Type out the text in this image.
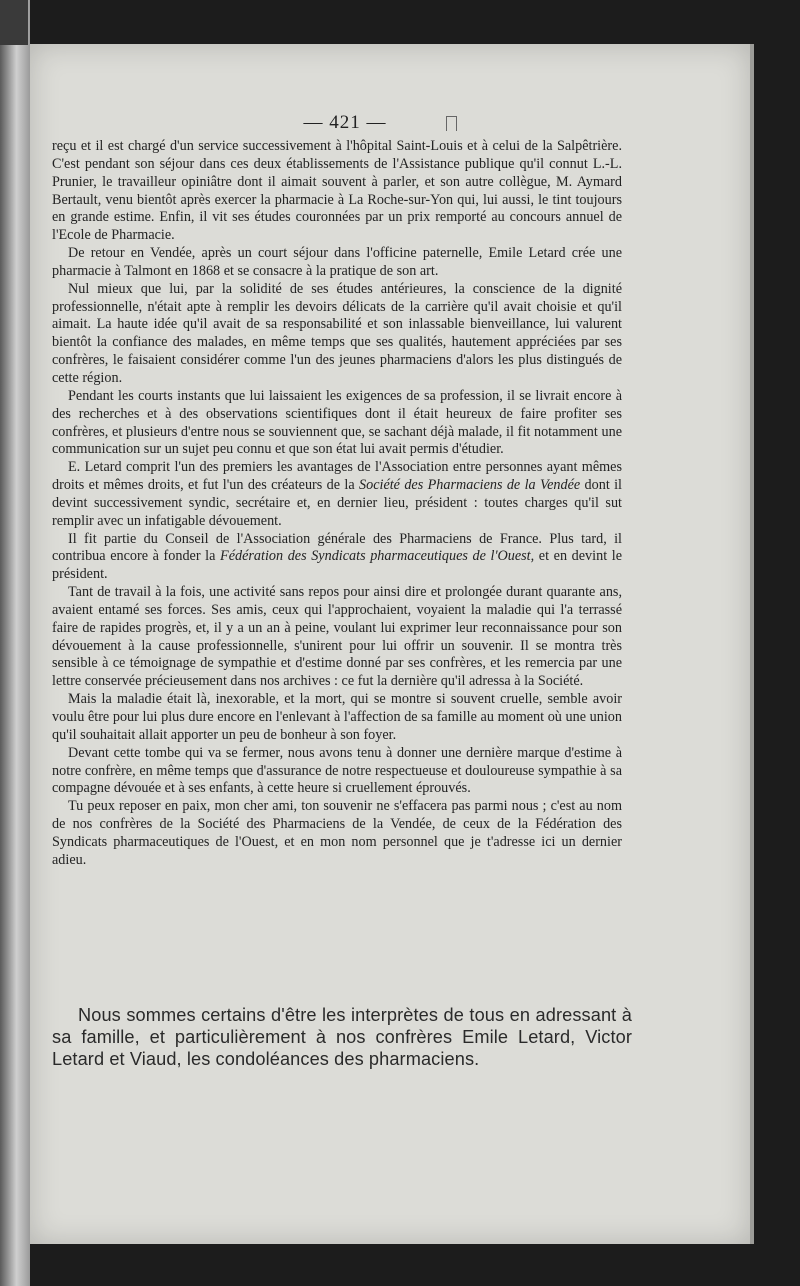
— 421 —

reçu et il est chargé d'un service successivement à l'hôpital Saint-Louis et à celui de la Salpêtrière. C'est pendant son séjour dans ces deux établissements de l'Assistance publique qu'il connut L.-L. Prunier, le travailleur opiniâtre dont il aimait souvent à parler, et son autre collègue, M. Aymard Bertault, venu bientôt après exercer la pharmacie à La Roche-sur-Yon qui, lui aussi, le tint toujours en grande estime. Enfin, il vit ses études couronnées par un prix remporté au concours annuel de l'Ecole de Pharmacie.

De retour en Vendée, après un court séjour dans l'officine paternelle, Emile Letard crée une pharmacie à Talmont en 1868 et se consacre à la pratique de son art.

Nul mieux que lui, par la solidité de ses études antérieures, la conscience de la dignité professionnelle, n'était apte à remplir les devoirs délicats de la carrière qu'il avait choisie et qu'il aimait. La haute idée qu'il avait de sa responsabilité et son inlassable bienveillance, lui valurent bientôt la confiance des malades, en même temps que ses qualités, hautement appréciées par ses confrères, le faisaient considérer comme l'un des jeunes pharmaciens d'alors les plus distingués de cette région.

Pendant les courts instants que lui laissaient les exigences de sa profession, il se livrait encore à des recherches et à des observations scientifiques dont il était heureux de faire profiter ses confrères, et plusieurs d'entre nous se souviennent que, se sachant déjà malade, il fit notamment une communication sur un sujet peu connu et que son état lui avait permis d'étudier.

E. Letard comprit l'un des premiers les avantages de l'Association entre personnes ayant mêmes droits et mêmes droits, et fut l'un des créateurs de la Société des Pharmaciens de la Vendée dont il devint successivement syndic, secrétaire et, en dernier lieu, président : toutes charges qu'il sut remplir avec un infatigable dévouement.

Il fit partie du Conseil de l'Association générale des Pharmaciens de France. Plus tard, il contribua encore à fonder la Fédération des Syndicats pharmaceutiques de l'Ouest, et en devint le président.

Tant de travail à la fois, une activité sans repos pour ainsi dire et prolongée durant quarante ans, avaient entamé ses forces. Ses amis, ceux qui l'approchaient, voyaient la maladie qui l'a terrassé faire de rapides progrès, et, il y a un an à peine, voulant lui exprimer leur reconnaissance pour son dévouement à la cause professionnelle, s'unirent pour lui offrir un souvenir. Il se montra très sensible à ce témoignage de sympathie et d'estime donné par ses confrères, et les remercia par une lettre conservée précieusement dans nos archives : ce fut la dernière qu'il adressa à la Société.

Mais la maladie était là, inexorable, et la mort, qui se montre si souvent cruelle, semble avoir voulu être pour lui plus dure encore en l'enlevant à l'affection de sa famille au moment où une union qu'il souhaitait allait apporter un peu de bonheur à son foyer.

Devant cette tombe qui va se fermer, nous avons tenu à donner une dernière marque d'estime à notre confrère, en même temps que d'assurance de notre respectueuse et douloureuse sympathie à sa compagne dévouée et à ses enfants, à cette heure si cruellement éprouvés.

Tu peux reposer en paix, mon cher ami, ton souvenir ne s'effacera pas parmi nous ; c'est au nom de nos confrères de la Société des Pharmaciens de la Vendée, de ceux de la Fédération des Syndicats pharmaceutiques de l'Ouest, et en mon nom personnel que je t'adresse ici un dernier adieu.

Nous sommes certains d'être les interprètes de tous en adressant à sa famille, et particulièrement à nos confrères Emile Letard, Victor Letard et Viaud, les condoléances des pharmaciens.
